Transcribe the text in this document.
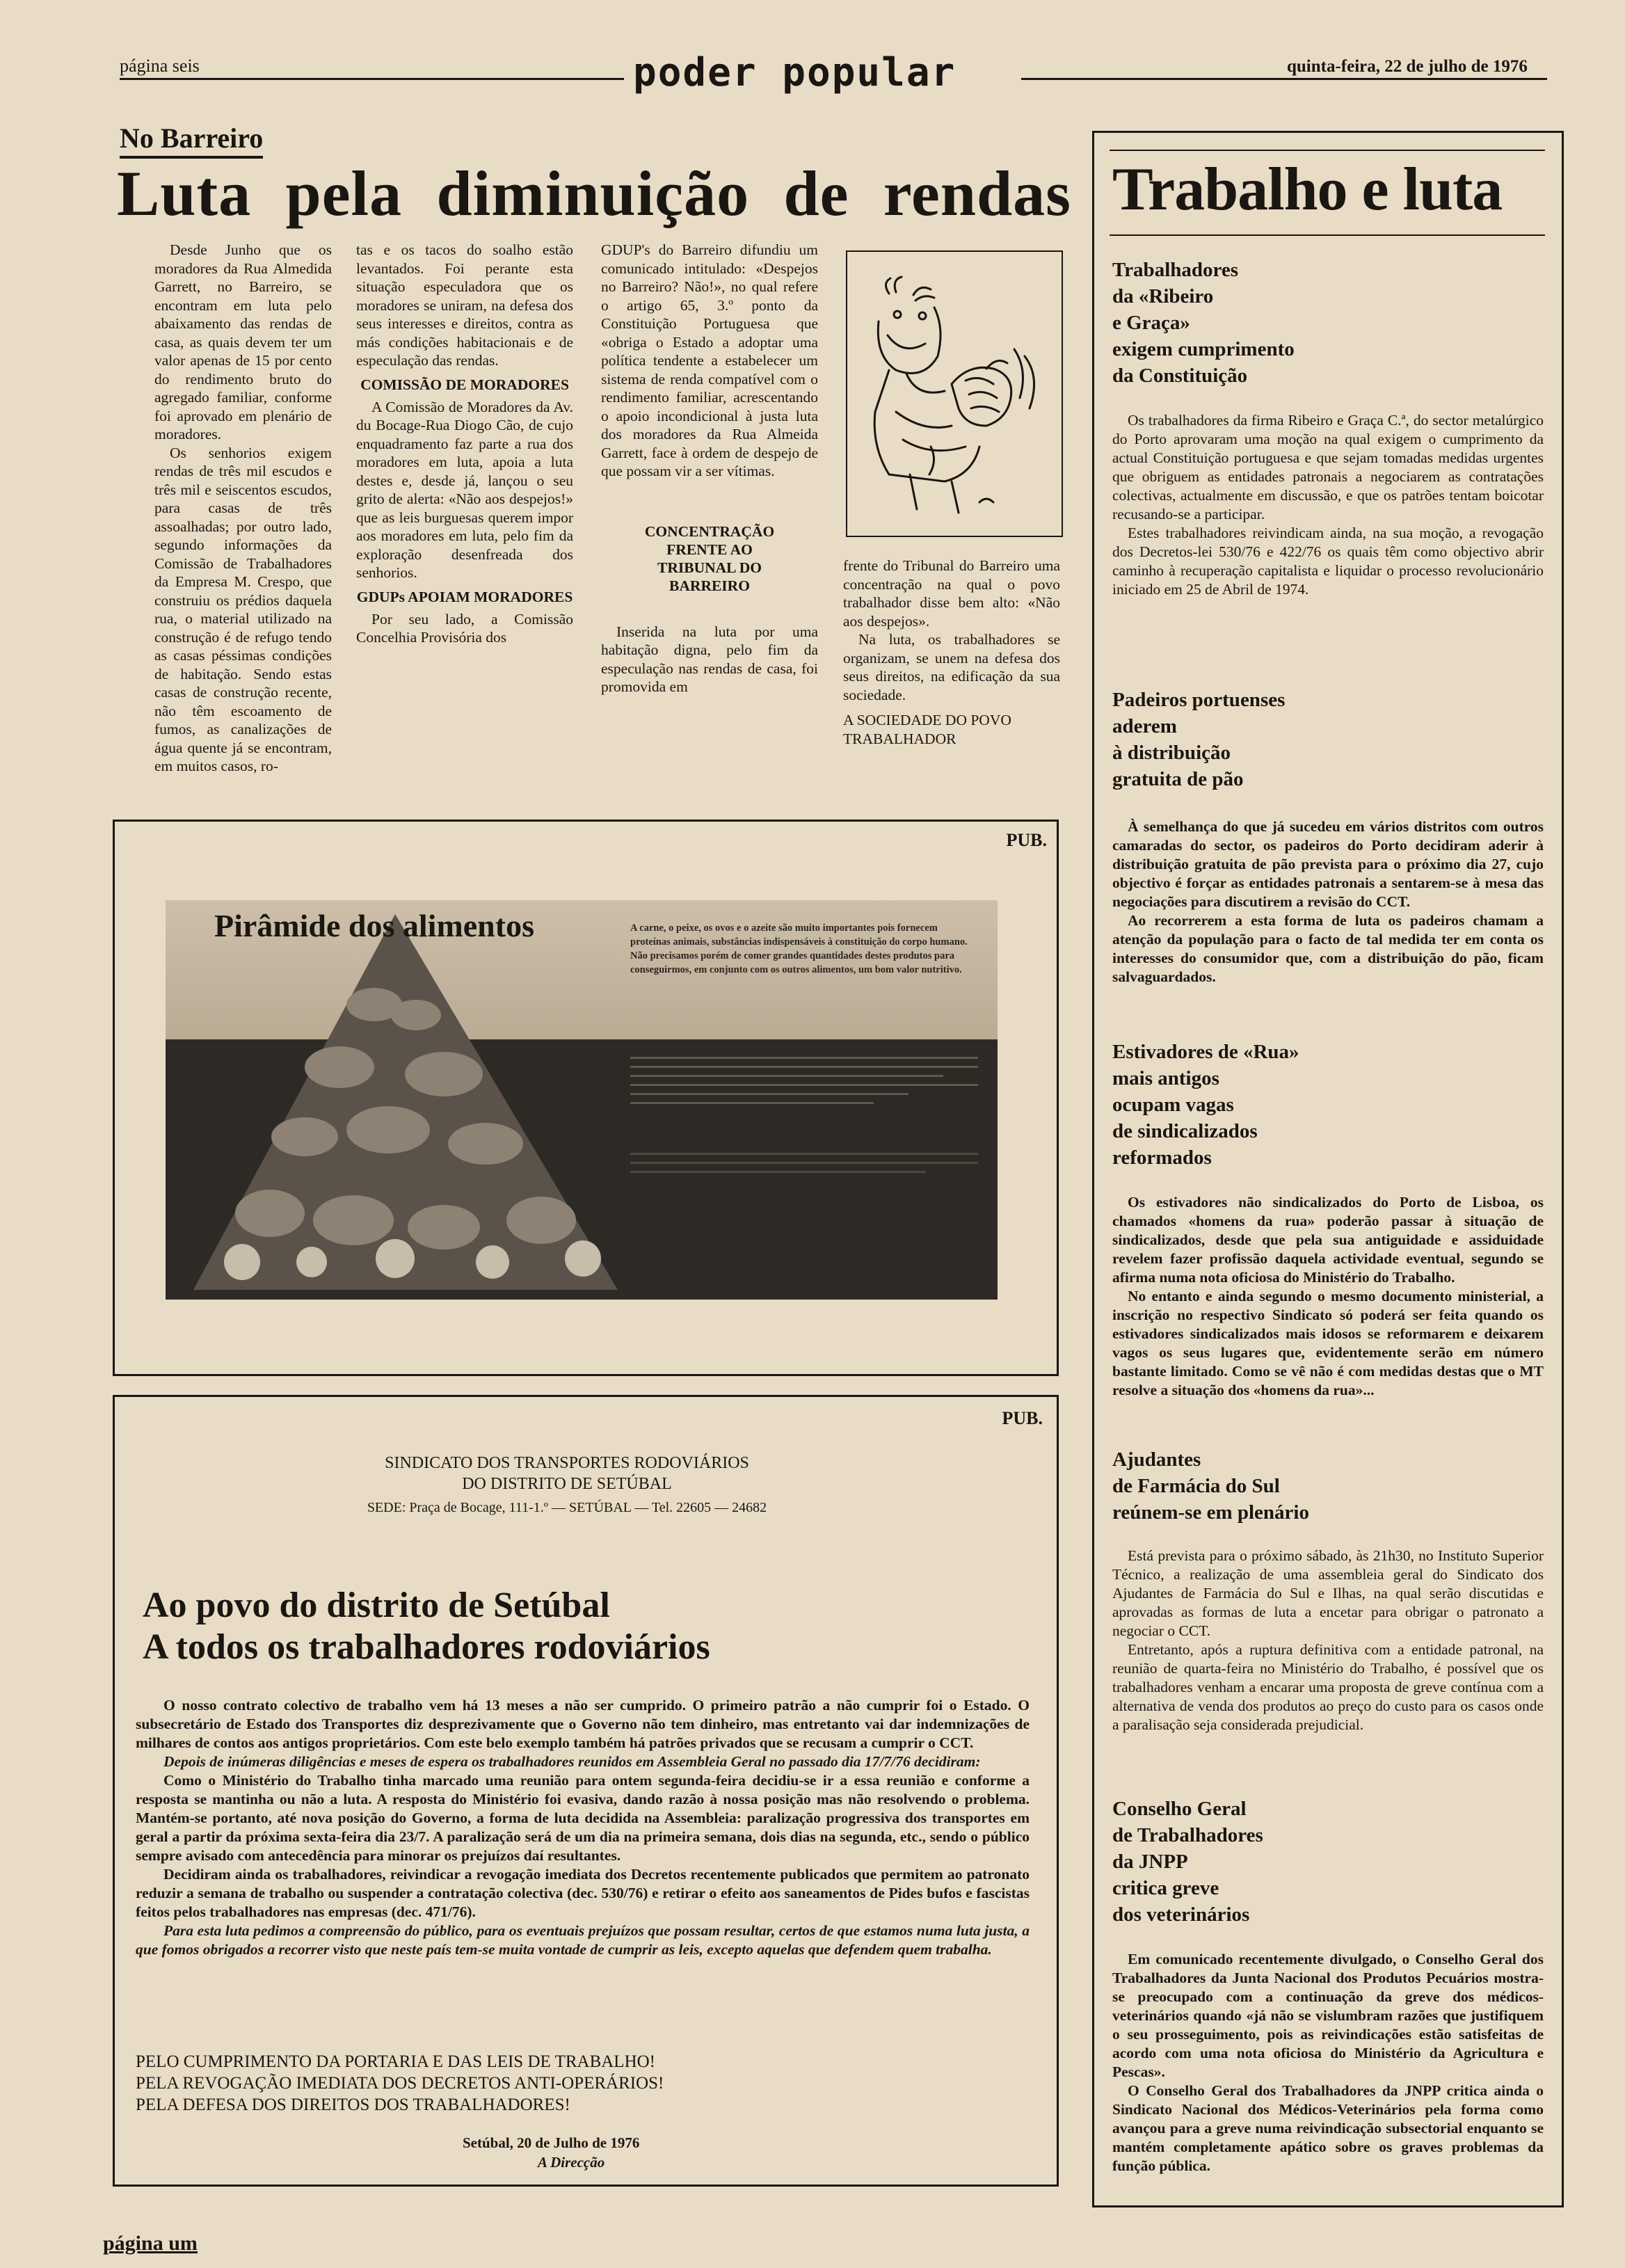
página seis	poder popular	quinta-feira, 22 de julho de 1976
No Barreiro
Luta pela diminuição de rendas

Desde Junho que os moradores da Rua Almedida Garrett, no Barreiro, se encontram em luta pelo abaixamento das rendas de casa, as quais devem ter um valor apenas de 15 por cento do rendimento bruto do agregado familiar, conforme foi aprovado em plenário de moradores.

Os senhorios exigem rendas de três mil escudos e três mil e seiscentos escudos, para casas de três assoalhadas; por outro lado, segundo informações da Comissão de Trabalhadores da Empresa M. Crespo, que construiu os prédios daquela rua, o material utilizado na construção é de refugo tendo as casas péssimas condições de habitação. Sendo estas casas de construção recente, não têm escoamento de fumos, as canalizações de água quente já se encontram, em muitos casos, ro-

tas e os tacos do soalho estão levantados. Foi perante esta situação especuladora que os moradores se uniram, na defesa dos seus interesses e direitos, contra as más condições habitacionais e de especulação das rendas.

COMISSÃO DE MORADORES

A Comissão de Moradores da Av. du Bocage-Rua Diogo Cão, de cujo enquadramento faz parte a rua dos moradores em luta, apoia a luta destes e, desde já, lançou o seu grito de alerta: «Não aos despejos!» que as leis burguesas querem impor aos moradores em luta, pelo fim da exploração desenfreada dos senhorios.

GDUPs APOIAM MORADORES

Por seu lado, a Comissão Concelhia Provisória dos

GDUP's do Barreiro difundiu um comunicado intitulado: «Despejos no Barreiro? Não!», no qual refere o artigo 65, 3.º ponto da Constituição Portuguesa que «obriga o Estado a adoptar uma política tendente a estabelecer um sistema de renda compatível com o rendimento familiar, acrescentando o apoio incondicional à justa luta dos moradores da Rua Almeida Garrett, face à ordem de despejo de que possam vir a ser vítimas.

CONCENTRAÇÃO FRENTE AO TRIBUNAL DO BARREIRO

Inserida na luta por uma habitação digna, pelo fim da especulação nas rendas de casa, foi promovida em

frente do Tribunal do Barreiro uma concentração na qual o povo trabalhador disse bem alto: «Não aos despejos».

Na luta, os trabalhadores se organizam, se unem na defesa dos seus direitos, na edificação da sua sociedade.

A SOCIEDADE DO POVO TRABALHADOR

PUB.
Pirâmide dos alimentos	A carne, o peixe, os ovos e o azeite são muito importantes pois fornecem proteínas animais, substâncias indispensáveis à constituição do corpo humano. Não precisamos porém de comer grandes quantidades destes produtos para conseguirmos, em conjunto com os outros alimentos, um bom valor nutritivo.
PUB.
SINDICATO DOS TRANSPORTES RODOVIÁRIOS
DO DISTRITO DE SETÚBAL
SEDE: Praça de Bocage, 111-1.º — SETÚBAL — Tel. 22605 — 24682
Ao povo do distrito de Setúbal
A todos os trabalhadores rodoviários

O nosso contrato colectivo de trabalho vem há 13 meses a não ser cumprido. O primeiro patrão a não cumprir foi o Estado. O subsecretário de Estado dos Transportes diz desprezivamente que o Governo não tem dinheiro, mas entretanto vai dar indemnizações de milhares de contos aos antigos proprietários. Com este belo exemplo também há patrões privados que se recusam a cumprir o CCT.

Depois de inúmeras diligências e meses de espera os trabalhadores reunidos em Assembleia Geral no passado dia 17/7/76 decidiram:

Como o Ministério do Trabalho tinha marcado uma reunião para ontem segunda-feira decidiu-se ir a essa reunião e conforme a resposta se mantinha ou não a luta. A resposta do Ministério foi evasiva, dando razão à nossa posição mas não resolvendo o problema. Mantém-se portanto, até nova posição do Governo, a forma de luta decidida na Assembleia: paralização progressiva dos transportes em geral a partir da próxima sexta-feira dia 23/7. A paralização será de um dia na primeira semana, dois dias na segunda, etc., sendo o público sempre avisado com antecedência para minorar os prejuízos daí resultantes.

Decidiram ainda os trabalhadores, reivindicar a revogação imediata dos Decretos recentemente publicados que permitem ao patronato reduzir a semana de trabalho ou suspender a contratação colectiva (dec. 530/76) e retirar o efeito aos saneamentos de Pides bufos e fascistas feitos pelos trabalhadores nas empresas (dec. 471/76).

Para esta luta pedimos a compreensão do público, para os eventuais prejuízos que possam resultar, certos de que estamos numa luta justa, a que fomos obrigados a recorrer visto que neste país tem-se muita vontade de cumprir as leis, excepto aquelas que defendem quem trabalha.

PELO CUMPRIMENTO DA PORTARIA E DAS LEIS DE TRABALHO!
PELA REVOGAÇÃO IMEDIATA DOS DECRETOS ANTI-OPERÁRIOS!
PELA DEFESA DOS DIREITOS DOS TRABALHADORES!
Setúbal, 20 de Julho de 1976
A Direcção
Trabalho e luta

Trabalhadores
da «Ribeiro
e Graça»
exigem cumprimento
da Constituição

Os trabalhadores da firma Ribeiro e Graça C.ª, do sector metalúrgico do Porto aprovaram uma moção na qual exigem o cumprimento da actual Constituição portuguesa e que sejam tomadas medidas urgentes que obriguem as entidades patronais a negociarem as contratações colectivas, actualmente em discussão, e que os patrões tentam boicotar recusando-se a participar.

Estes trabalhadores reivindicam ainda, na sua moção, a revogação dos Decretos-lei 530/76 e 422/76 os quais têm como objectivo abrir caminho à recuperação capitalista e liquidar o processo revolucionário iniciado em 25 de Abril de 1974.

Padeiros portuenses
aderem
à distribuição
gratuita de pão

À semelhança do que já sucedeu em vários distritos com outros camaradas do sector, os padeiros do Porto decidiram aderir à distribuição gratuita de pão prevista para o próximo dia 27, cujo objectivo é forçar as entidades patronais a sentarem-se à mesa das negociações para discutirem a revisão do CCT.

Ao recorrerem a esta forma de luta os padeiros chamam a atenção da população para o facto de tal medida ter em conta os interesses do consumidor que, com a distribuição do pão, ficam salvaguardados.

Estivadores de «Rua»
mais antigos
ocupam vagas
de sindicalizados
reformados

Os estivadores não sindicalizados do Porto de Lisboa, os chamados «homens da rua» poderão passar à situação de sindicalizados, desde que pela sua antiguidade e assiduidade revelem fazer profissão daquela actividade eventual, segundo se afirma numa nota oficiosa do Ministério do Trabalho.

No entanto e ainda segundo o mesmo documento ministerial, a inscrição no respectivo Sindicato só poderá ser feita quando os estivadores sindicalizados mais idosos se reformarem e deixarem vagos os seus lugares que, evidentemente serão em número bastante limitado. Como se vê não é com medidas destas que o MT resolve a situação dos «homens da rua»...

Ajudantes
de Farmácia do Sul
reúnem-se em plenário

Está prevista para o próximo sábado, às 21h30, no Instituto Superior Técnico, a realização de uma assembleia geral do Sindicato dos Ajudantes de Farmácia do Sul e Ilhas, na qual serão discutidas e aprovadas as formas de luta a encetar para obrigar o patronato a negociar o CCT.

Entretanto, após a ruptura definitiva com a entidade patronal, na reunião de quarta-feira no Ministério do Trabalho, é possível que os trabalhadores venham a encarar uma proposta de greve contínua com a alternativa de venda dos produtos ao preço do custo para os casos onde a paralisação seja considerada prejudicial.

Conselho Geral
de Trabalhadores
da JNPP
critica greve
dos veterinários

Em comunicado recentemente divulgado, o Conselho Geral dos Trabalhadores da Junta Nacional dos Produtos Pecuários mostra-se preocupado com a continuação da greve dos médicos-veterinários quando «já não se vislumbram razões que justifiquem o seu prosseguimento, pois as reivindicações estão satisfeitas de acordo com uma nota oficiosa do Ministério da Agricultura e Pescas».

O Conselho Geral dos Trabalhadores da JNPP critica ainda o Sindicato Nacional dos Médicos-Veterinários pela forma como avançou para a greve numa reivindicação subsectorial enquanto se mantém completamente apático sobre os graves problemas da função pública.

página um
